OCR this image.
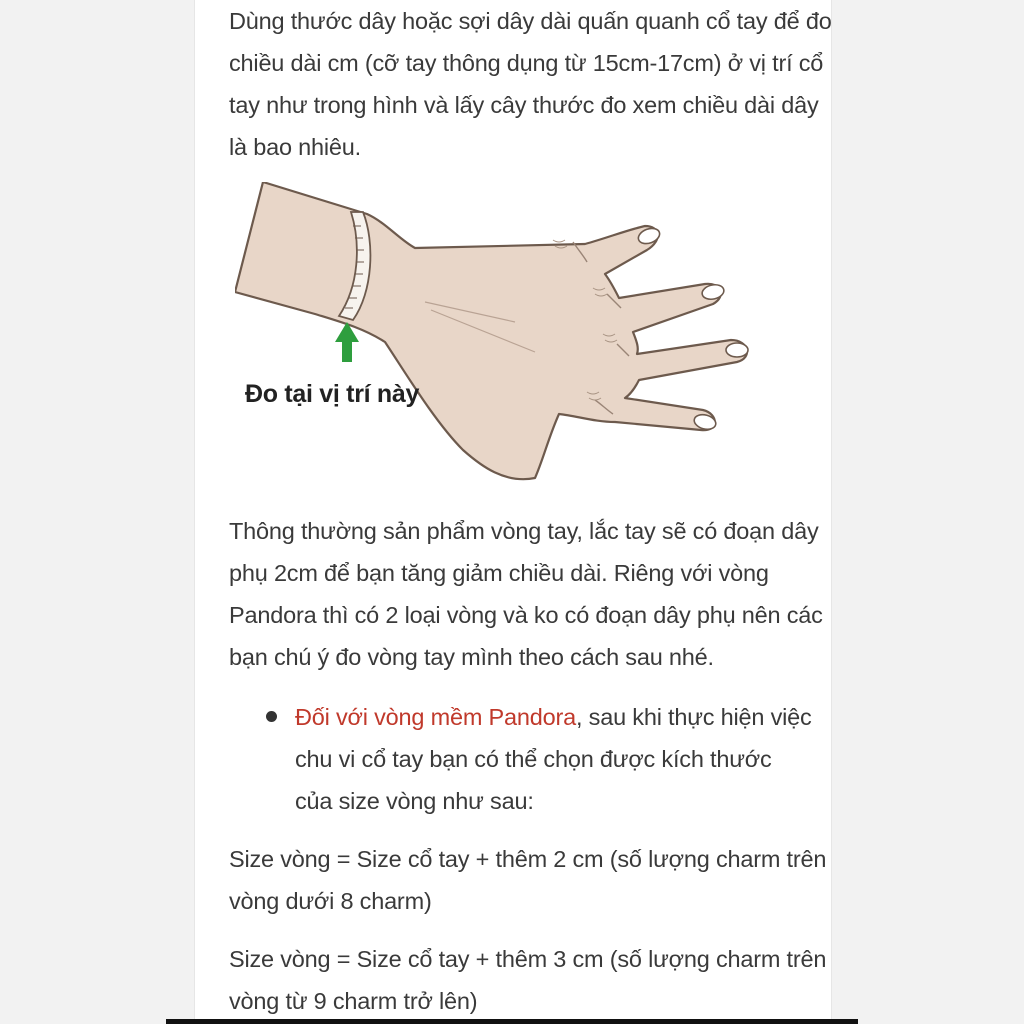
Dùng thước dây hoặc sợi dây dài quấn quanh cổ tay để đo
chiều dài cm (cỡ tay thông dụng từ 15cm-17cm) ở vị trí cổ
tay như trong hình và lấy cây thước đo xem chiều dài dây
là bao nhiêu.

Đo tại vị trí này

Thông thường sản phẩm vòng tay, lắc tay sẽ có đoạn dây
phụ 2cm để bạn tăng giảm chiều dài. Riêng với vòng
Pandora thì có 2 loại vòng và ko có đoạn dây phụ nên các
bạn chú ý đo vòng tay mình theo cách sau nhé.

Đối với vòng mềm Pandora, sau khi thực hiện việc
chu vi cổ tay bạn có thể chọn được kích thước
của size vòng như sau:

Size vòng = Size cổ tay + thêm 2 cm (số lượng charm trên
vòng dưới 8 charm)

Size vòng = Size cổ tay + thêm 3 cm (số lượng charm trên
vòng từ 9 charm trở lên)
